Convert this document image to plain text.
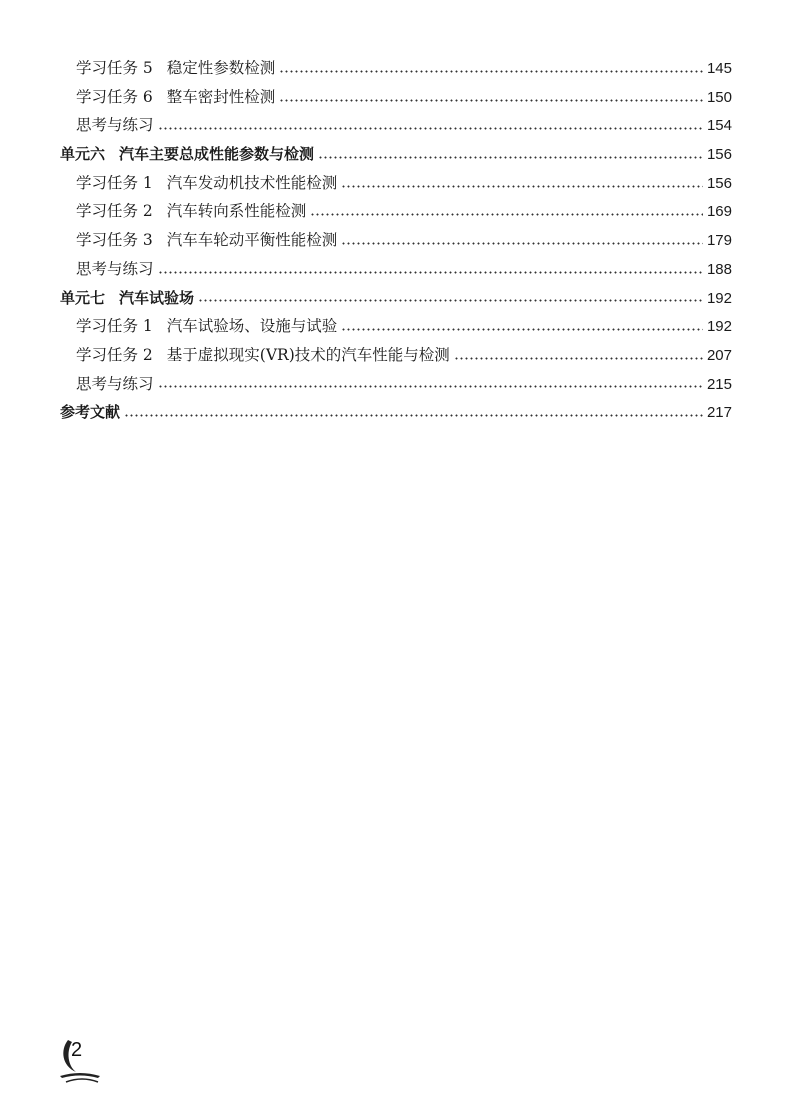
学习任务 5 稳定性参数检测	145
学习任务 6 整车密封性检测	150
思考与练习	154
单元六 汽车主要总成性能参数与检测	156
学习任务 1 汽车发动机技术性能检测	156
学习任务 2 汽车转向系性能检测	169
学习任务 3 汽车车轮动平衡性能检测	179
思考与练习	188
单元七 汽车试验场	192
学习任务 1 汽车试验场、设施与试验	192
学习任务 2 基于虚拟现实(VR)技术的汽车性能与检测	207
思考与练习	215
参考文献	217
2
